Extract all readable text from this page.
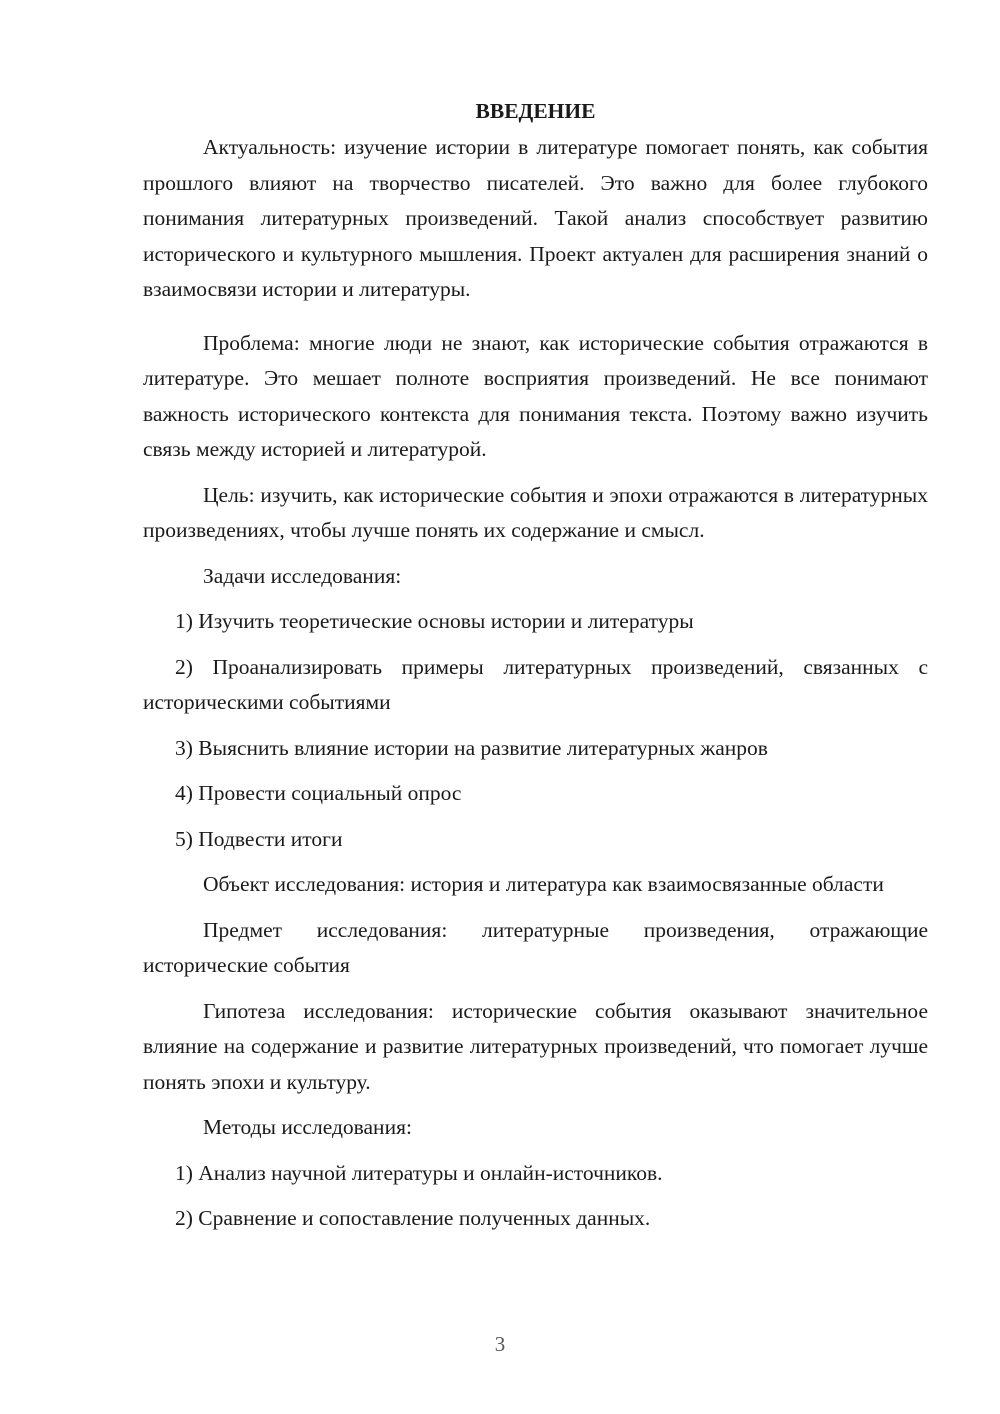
ВВЕДЕНИЕ

Актуальность: изучение истории в литературе помогает понять, как события прошлого влияют на творчество писателей. Это важно для более глубокого понимания литературных произведений. Такой анализ способствует развитию исторического и культурного мышления. Проект актуален для расширения знаний о взаимосвязи истории и литературы.

Проблема: многие люди не знают, как исторические события отражаются в литературе. Это мешает полноте восприятия произведений. Не все понимают важность исторического контекста для понимания текста. Поэтому важно изучить связь между историей и литературой.

Цель: изучить, как исторические события и эпохи отражаются в литературных произведениях, чтобы лучше понять их содержание и смысл.

Задачи исследования:

1) Изучить теоретические основы истории и литературы

2) Проанализировать примеры литературных произведений, связанных с историческими событиями

3) Выяснить влияние истории на развитие литературных жанров

4) Провести социальный опрос

5) Подвести итоги

Объект исследования: история и литература как взаимосвязанные области

Предмет исследования: литературные произведения, отражающие исторические события

Гипотеза исследования: исторические события оказывают значительное влияние на содержание и развитие литературных произведений, что помогает лучше понять эпохи и культуру.

Методы исследования:

1) Анализ научной литературы и онлайн-источников.

2) Сравнение и сопоставление полученных данных.

3
